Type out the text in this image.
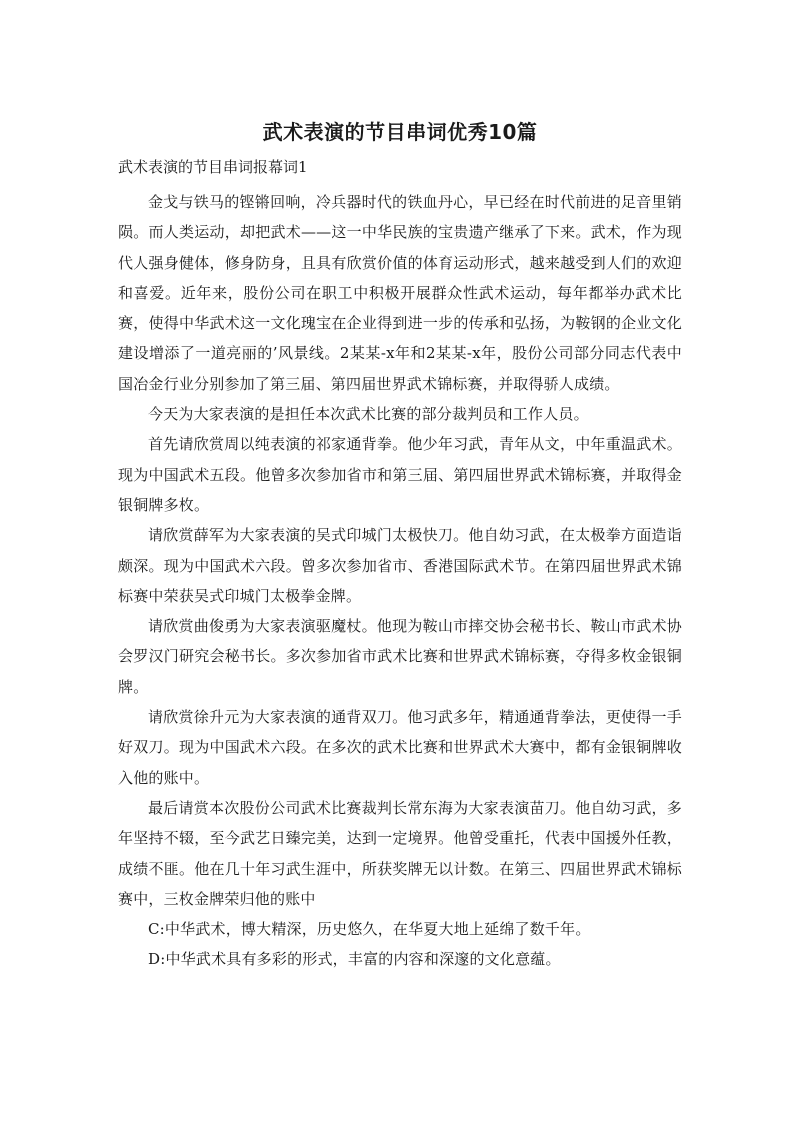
武术表演的节目串词优秀10篇

武术表演的节目串词报幕词1

金戈与铁马的铿锵回响，冷兵器时代的铁血丹心，早已经在时代前进的足音里销陨。而人类运动，却把武术——这一中华民族的宝贵遗产继承了下来。武术，作为现代人强身健体，修身防身，且具有欣赏价值的体育运动形式，越来越受到人们的欢迎和喜爱。近年来，股份公司在职工中积极开展群众性武术运动，每年都举办武术比赛，使得中华武术这一文化瑰宝在企业得到进一步的传承和弘扬，为鞍钢的企业文化建设增添了一道亮丽的’风景线。2某某-x年和2某某-x年，股份公司部分同志代表中国冶金行业分别参加了第三届、第四届世界武术锦标赛，并取得骄人成绩。

今天为大家表演的是担任本次武术比赛的部分裁判员和工作人员。

首先请欣赏周以纯表演的祁家通背拳。他少年习武，青年从文，中年重温武术。现为中国武术五段。他曾多次参加省市和第三届、第四届世界武术锦标赛，并取得金银铜牌多枚。

请欣赏薛军为大家表演的吴式印城门太极快刀。他自幼习武，在太极拳方面造诣颇深。现为中国武术六段。曾多次参加省市、香港国际武术节。在第四届世界武术锦标赛中荣获吴式印城门太极拳金牌。

请欣赏曲俊勇为大家表演驱魔杖。他现为鞍山市摔交协会秘书长、鞍山市武术协会罗汉门研究会秘书长。多次参加省市武术比赛和世界武术锦标赛，夺得多枚金银铜牌。

请欣赏徐升元为大家表演的通背双刀。他习武多年，精通通背拳法，更使得一手好双刀。现为中国武术六段。在多次的武术比赛和世界武术大赛中，都有金银铜牌收入他的账中。

最后请赏本次股份公司武术比赛裁判长常东海为大家表演苗刀。他自幼习武，多年坚持不辍，至今武艺日臻完美，达到一定境界。他曾受重托，代表中国援外任教，成绩不匪。他在几十年习武生涯中，所获奖牌无以计数。在第三、四届世界武术锦标赛中，三枚金牌荣归他的账中

C:中华武术，博大精深，历史悠久，在华夏大地上延绵了数千年。

D:中华武术具有多彩的形式，丰富的内容和深邃的文化意蕴。
